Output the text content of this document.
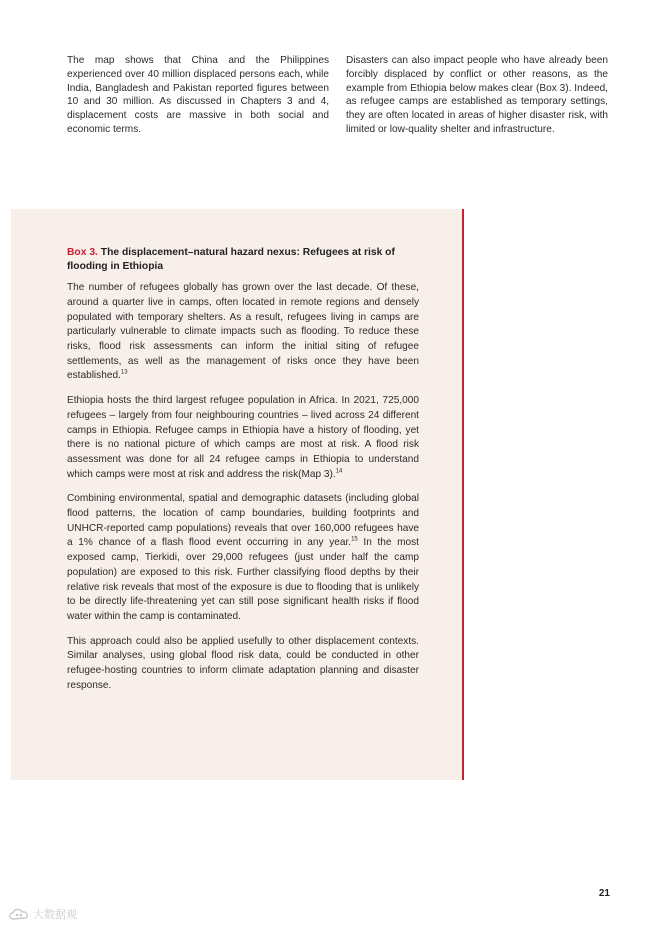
The map shows that China and the Philippines experienced over 40 million displaced persons each, while India, Bangladesh and Pakistan reported figures between 10 and 30 million. As discussed in Chapters 3 and 4, displacement costs are massive in both social and economic terms.

Disasters can also impact people who have already been forcibly displaced by conflict or other reasons, as the example from Ethiopia below makes clear (Box 3). Indeed, as refugee camps are established as temporary settings, they are often located in areas of higher disaster risk, with limited or low-quality shelter and infrastructure.

Box 3. The displacement–natural hazard nexus: Refugees at risk of flooding in Ethiopia

The number of refugees globally has grown over the last decade. Of these, around a quarter live in camps, often located in remote regions and densely populated with temporary shelters. As a result, refugees living in camps are particularly vulnerable to climate impacts such as flooding. To reduce these risks, flood risk assessments can inform the initial siting of refugee settlements, as well as the management of risks once they have been established.$^{13}$

Ethiopia hosts the third largest refugee population in Africa. In 2021, 725,000 refugees – largely from four neighbouring countries – lived across 24 different camps in Ethiopia. Refugee camps in Ethiopia have a history of flooding, yet there is no national picture of which camps are most at risk. A flood risk assessment was done for all 24 refugee camps in Ethiopia to understand which camps were most at risk and address the risk(Map 3).$^{14}$

Combining environmental, spatial and demographic datasets (including global flood patterns, the location of camp boundaries, building footprints and UNHCR-reported camp populations) reveals that over 160,000 refugees have a 1% chance of a flash flood event occurring in any year.$^{15}$ In the most exposed camp, Tierkidi, over 29,000 refugees (just under half the camp population) are exposed to this risk. Further classifying flood depths by their relative risk reveals that most of the exposure is due to flooding that is unlikely to be directly life-threatening yet can still pose significant health risks if flood water within the camp is contaminated.

This approach could also be applied usefully to other displacement contexts. Similar analyses, using global flood risk data, could be conducted in other refugee-hosting countries to inform climate adaptation planning and disaster response.

21
大数据观
